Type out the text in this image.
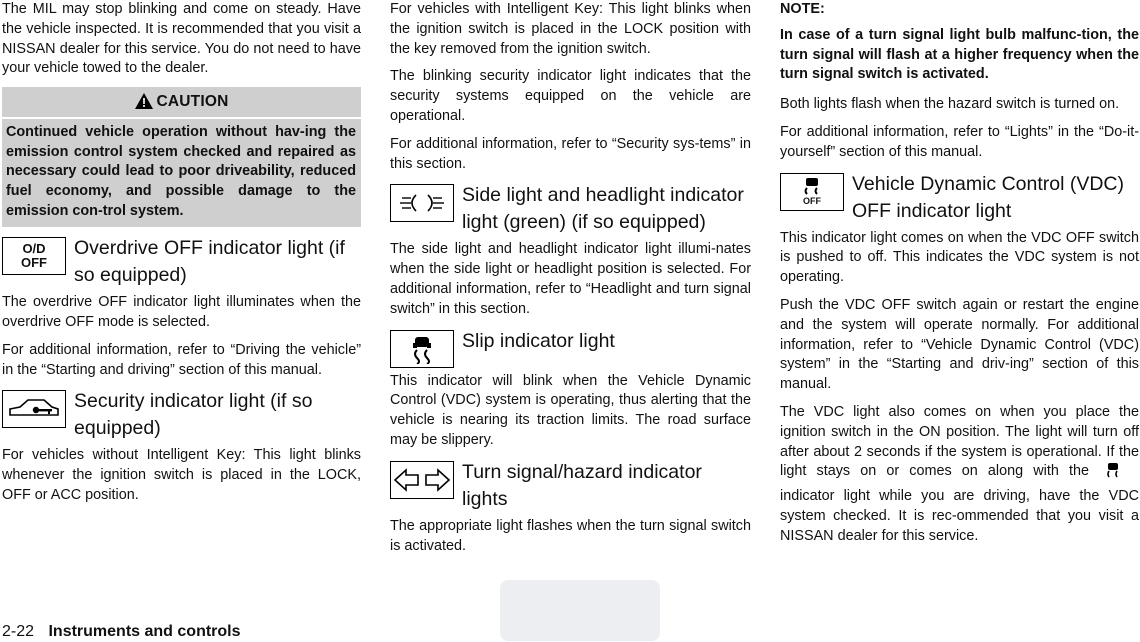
The MIL may stop blinking and come on steady. Have the vehicle inspected. It is recommended that you visit a NISSAN dealer for this service. You do not need to have your vehicle towed to the dealer.

CAUTION
Continued vehicle operation without hav-ing the emission control system checked and repaired as necessary could lead to poor driveability, reduced fuel economy, and possible damage to the emission con-trol system.
O/D
OFF
Overdrive OFF indicator light (if so equipped)

The overdrive OFF indicator light illuminates when the overdrive OFF mode is selected.

For additional information, refer to “Driving the vehicle” in the “Starting and driving” section of this manual.

Security indicator light (if so equipped)

For vehicles without Intelligent Key: This light blinks whenever the ignition switch is placed in the LOCK, OFF or ACC position.

For vehicles with Intelligent Key: This light blinks when the ignition switch is placed in the LOCK position with the key removed from the ignition switch.

The blinking security indicator light indicates that the security systems equipped on the vehicle are operational.

For additional information, refer to “Security sys-tems” in this section.

Side light and headlight indicator light (green) (if so equipped)

The side light and headlight indicator light illumi-nates when the side light or headlight position is selected. For additional information, refer to “Headlight and turn signal switch” in this section.

Slip indicator light

This indicator will blink when the Vehicle Dynamic Control (VDC) system is operating, thus alerting that the vehicle is nearing its traction limits. The road surface may be slippery.

Turn signal/hazard indicator lights

The appropriate light flashes when the turn signal switch is activated.

NOTE:

In case of a turn signal light bulb malfunc-tion, the turn signal will flash at a higher frequency when the turn signal switch is activated.

Both lights flash when the hazard switch is turned on.

For additional information, refer to “Lights” in the “Do-it-yourself” section of this manual.

OFF
Vehicle Dynamic Control (VDC) OFF indicator light

This indicator light comes on when the VDC OFF switch is pushed to off. This indicates the VDC system is not operating.

Push the VDC OFF switch again or restart the engine and the system will operate normally. For additional information, refer to “Vehicle Dynamic Control (VDC) system” in the “Starting and driv-ing” section of this manual.

The VDC light also comes on when you place the ignition switch in the ON position. The light will turn off after about 2 seconds if the system is operational. If the light stays on or comes on along with theindicator light while you are driving, have the VDC system checked. It is rec-ommended that you visit a NISSAN dealer for this service.

2-22 Instruments and controls
